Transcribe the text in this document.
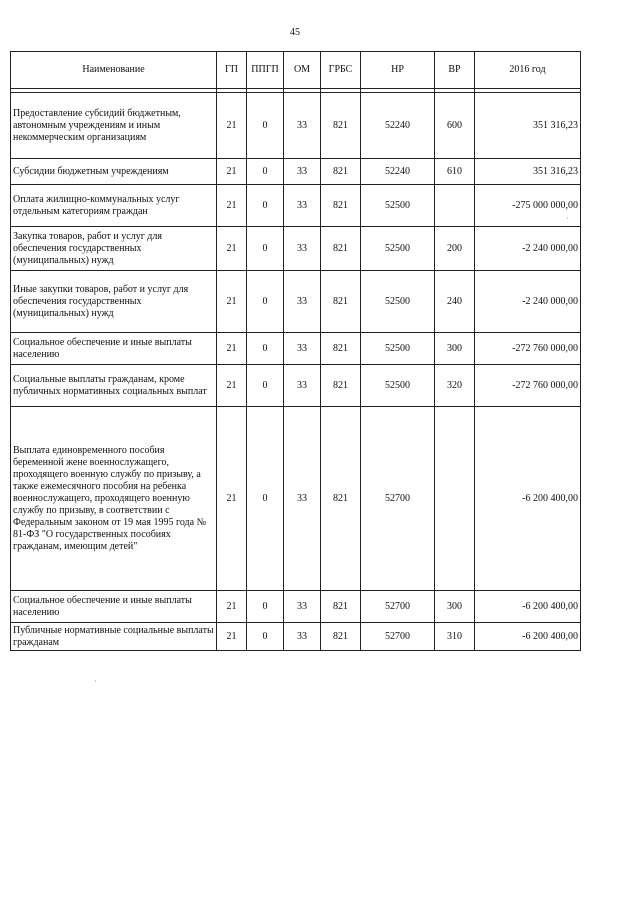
45
Наименование	ГП	ППГП	ОМ	ГРБС	НР	ВР	2016 год

Предоставление субсидий бюджетным, автономным учреждениям и иным некоммерческим организациям	21	0	33	821	52240	600	351 316,23
Субсидии бюджетным учреждениям	21	0	33	821	52240	610	351 316,23
Оплата жилищно-коммунальных услуг отдельным категориям граждан	21	0	33	821	52500		-275 000 000,00
Закупка товаров, работ и услуг для обеспечения государственных (муниципальных) нужд	21	0	33	821	52500	200	-2 240 000,00
Иные закупки товаров, работ и услуг для обеспечения государственных (муниципальных) нужд	21	0	33	821	52500	240	-2 240 000,00
Социальное обеспечение и иные выплаты населению	21	0	33	821	52500	300	-272 760 000,00
Социальные выплаты гражданам, кроме публичных нормативных социальных выплат	21	0	33	821	52500	320	-272 760 000,00
Выплата единовременного пособия беременной жене военнослужащего, проходящего военную службу по призыву, а также ежемесячного пособия на ребенка военнослужащего, проходящего военную службу по призыву, в соответствии с Федеральным законом от 19 мая 1995 года № 81-ФЗ "О государственных пособиях гражданам, имеющим детей"	21	0	33	821	52700		-6 200 400,00
Социальное обеспечение и иные выплаты населению	21	0	33	821	52700	300	-6 200 400,00
Публичные нормативные социальные выплаты гражданам	21	0	33	821	52700	310	-6 200 400,00
·
·
